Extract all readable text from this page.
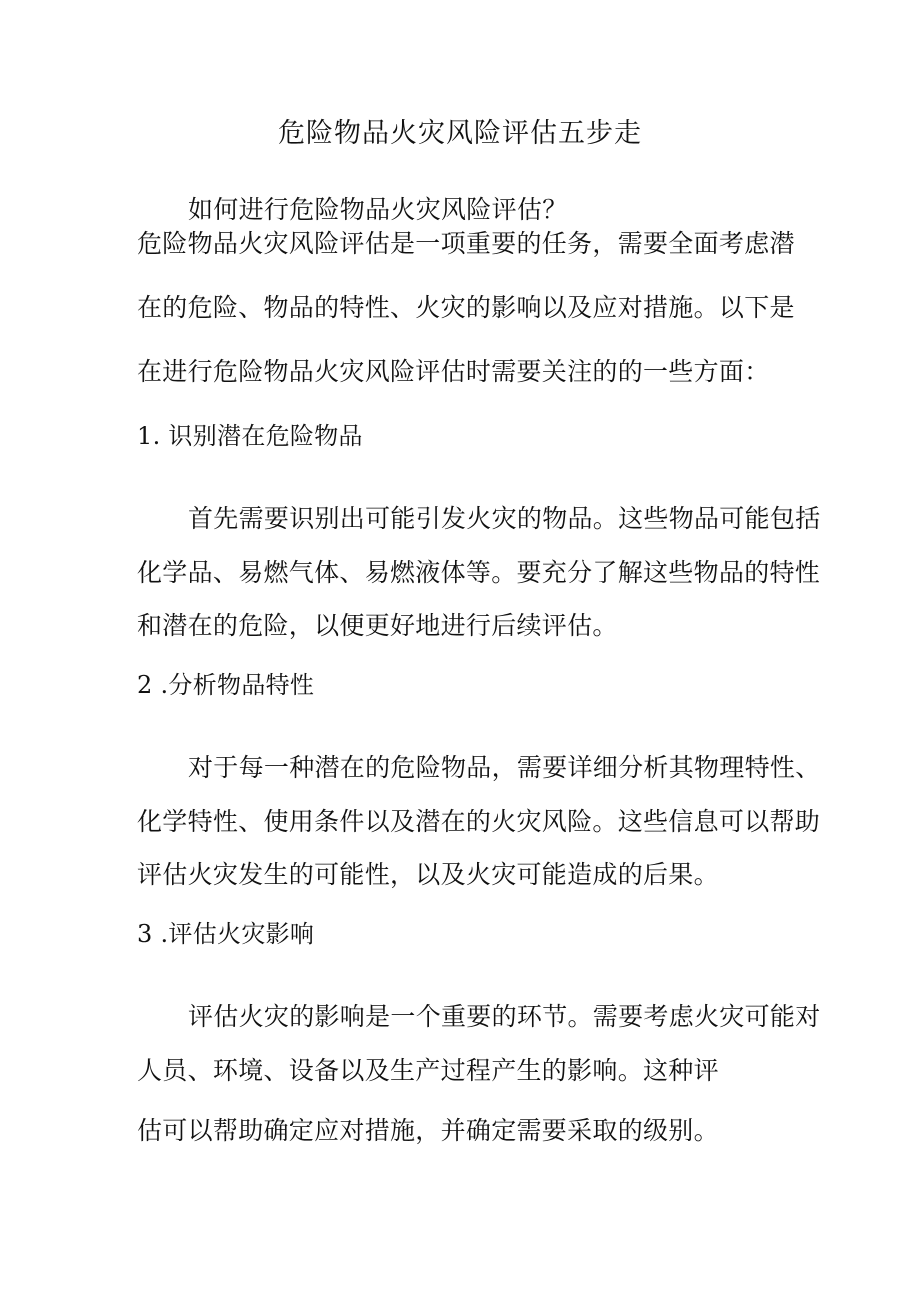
危险物品火灾风险评估五步走
如何进行危险物品火灾风险评估？
危险物品火灾风险评估是一项重要的任务，需要全面考虑潜
在的危险、物品的特性、火灾的影响以及应对措施。以下是
在进行危险物品火灾风险评估时需要关注的的一些方面：
1. 识别潜在危险物品
首先需要识别出可能引发火灾的物品。这些物品可能包括
化学品、易燃气体、易燃液体等。要充分了解这些物品的特性
和潜在的危险，以便更好地进行后续评估。
2 .分析物品特性
对于每一种潜在的危险物品，需要详细分析其物理特性、
化学特性、使用条件以及潜在的火灾风险。这些信息可以帮助
评估火灾发生的可能性，以及火灾可能造成的后果。
3 .评估火灾影响
评估火灾的影响是一个重要的环节。需要考虑火灾可能对
人员、环境、设备以及生产过程产生的影响。这种评
估可以帮助确定应对措施，并确定需要采取的级别。
